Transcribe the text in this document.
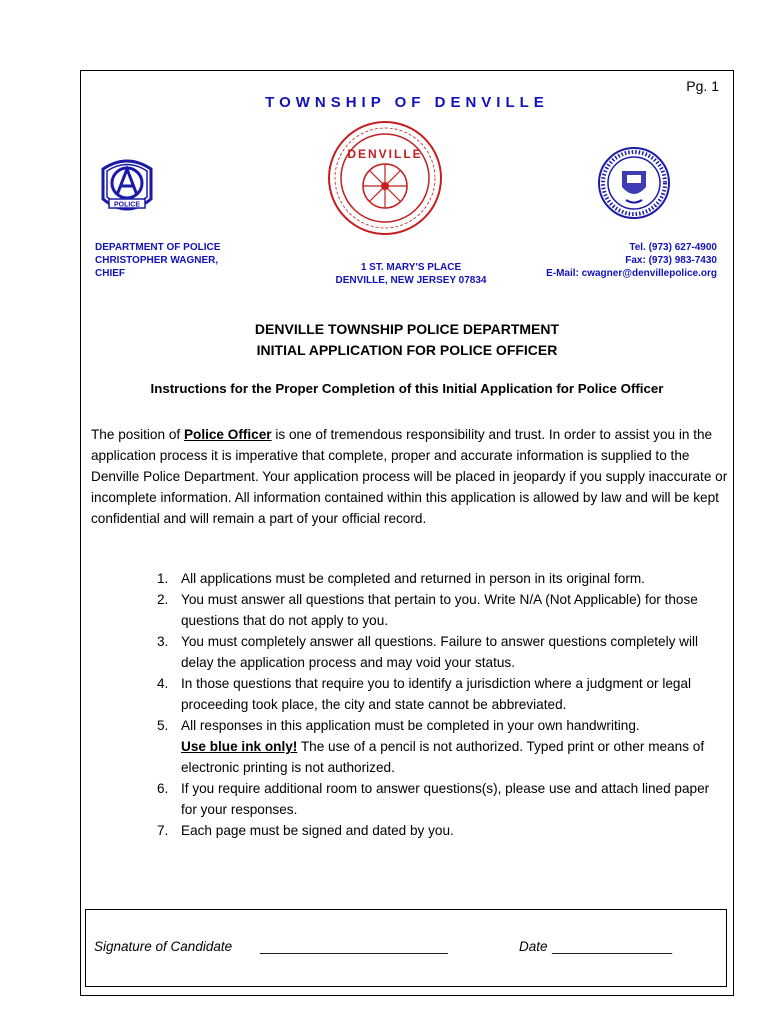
Pg. 1
TOWNSHIP OF DENVILLE
POLICE
DENVILLE
DEPARTMENT OF POLICE
CHRISTOPHER WAGNER,
CHIEF
1 ST. MARY'S PLACE
DENVILLE, NEW JERSEY 07834
Tel. (973) 627-4900
Fax: (973) 983-7430
E-Mail: cwagner@denvillepolice.org
DENVILLE TOWNSHIP POLICE DEPARTMENT
INITIAL APPLICATION FOR POLICE OFFICER
Instructions for the Proper Completion of this Initial Application for Police Officer
The position of Police Officer is one of tremendous responsibility and trust. In order to assist you in the application process it is imperative that complete, proper and accurate information is supplied to the Denville Police Department. Your application process will be placed in jeopardy if you supply inaccurate or incomplete information. All information contained within this application is allowed by law and will be kept confidential and will remain a part of your official record.
1. All applications must be completed and returned in person in its original form.
2. You must answer all questions that pertain to you. Write N/A (Not Applicable) for those questions that do not apply to you.
3. You must completely answer all questions. Failure to answer questions completely will delay the application process and may void your status.
4. In those questions that require you to identify a jurisdiction where a judgment or legal proceeding took place, the city and state cannot be abbreviated.
5. All responses in this application must be completed in your own handwriting.
Use blue ink only! The use of a pencil is not authorized. Typed print or other means of electronic printing is not authorized.
6. If you require additional room to answer questions(s), please use and attach lined paper for your responses.
7. Each page must be signed and dated by you.
Signature of Candidate _________________________	Date ________________
